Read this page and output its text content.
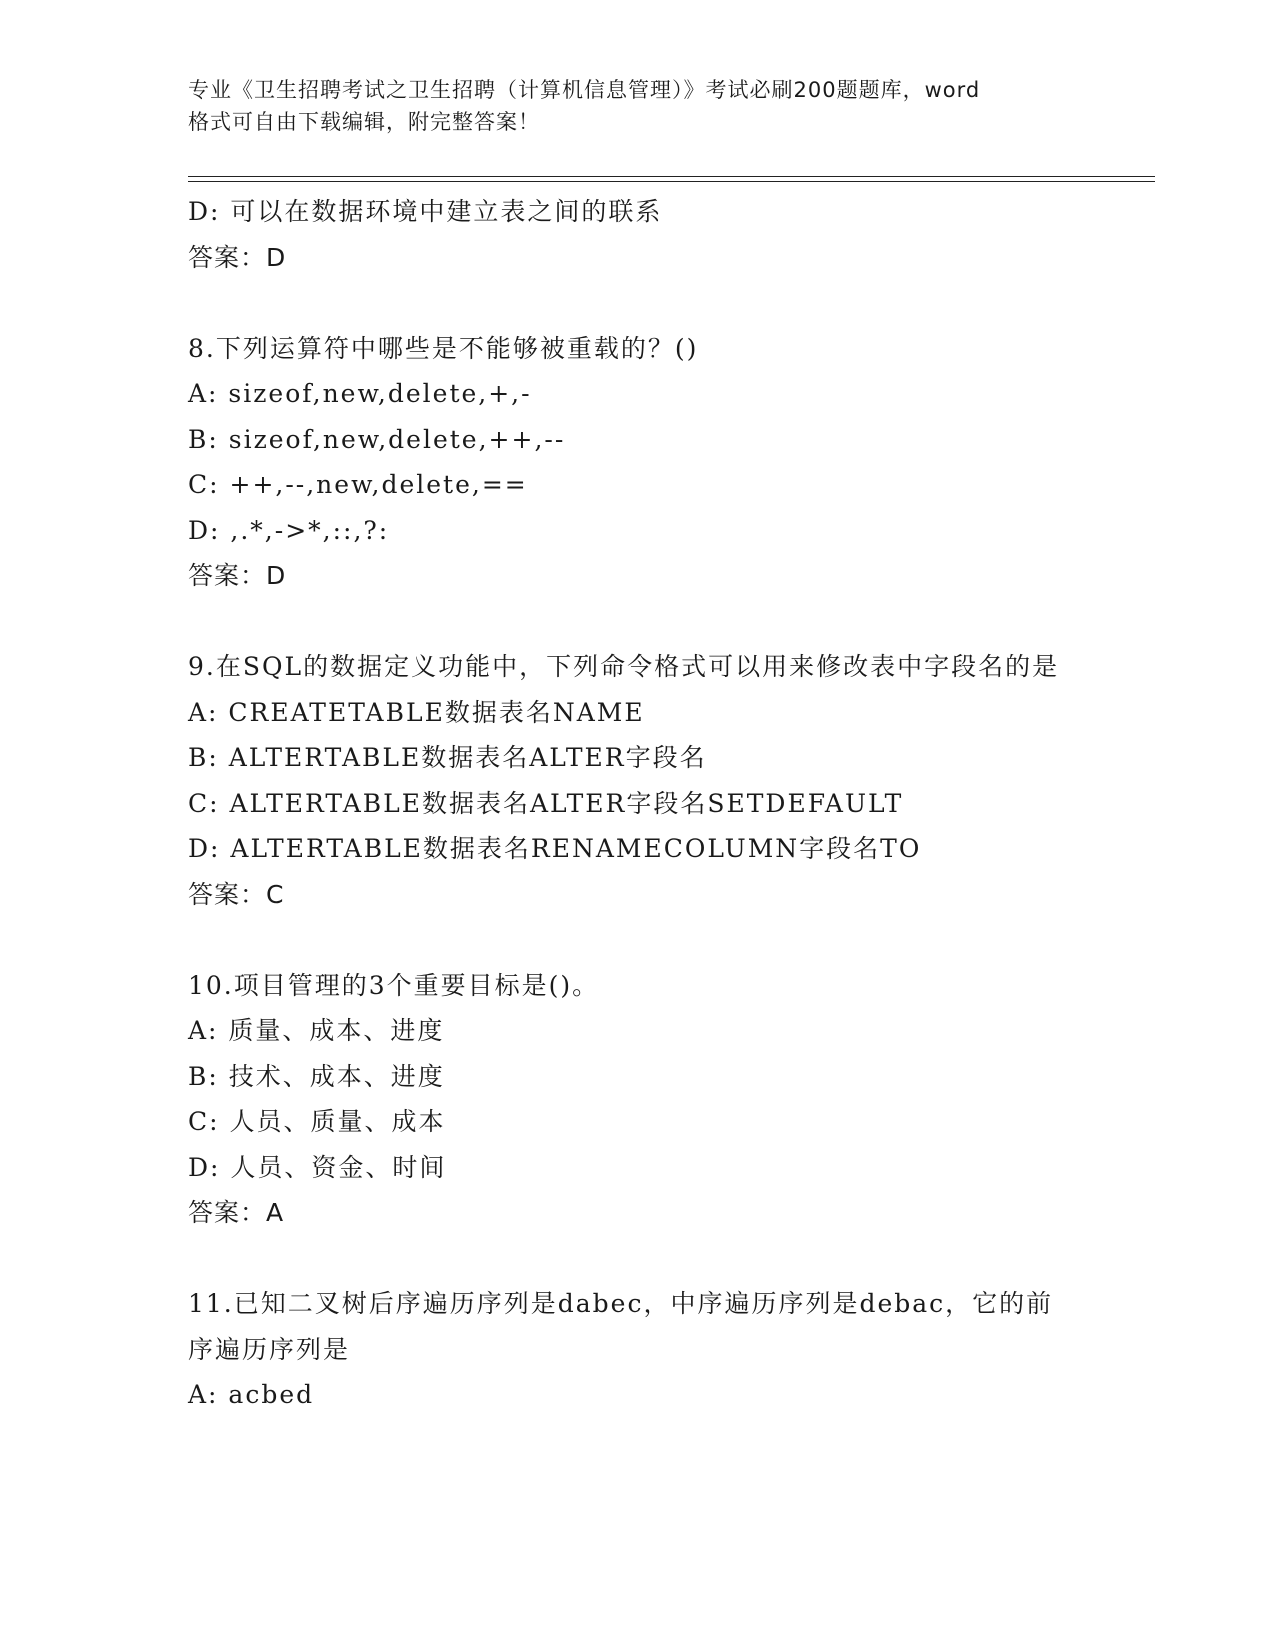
专业《卫生招聘考试之卫生招聘（计算机信息管理）》考试必刷200题题库，word
格式可自由下载编辑，附完整答案！
D: 可以在数据环境中建立表之间的联系
答案：D
8.下列运算符中哪些是不能够被重载的？()
A: sizeof,new,delete,+,-
B: sizeof,new,delete,++,--
C: ++,--,new,delete,==
D: ,.*,->*,::,?:
答案：D
9.在SQL的数据定义功能中，下列命令格式可以用来修改表中字段名的是
A: CREATETABLE数据表名NAME
B: ALTERTABLE数据表名ALTER字段名
C: ALTERTABLE数据表名ALTER字段名SETDEFAULT
D: ALTERTABLE数据表名RENAMECOLUMN字段名TO
答案：C
10.项目管理的3个重要目标是()。
A: 质量、成本、进度
B: 技术、成本、进度
C: 人员、质量、成本
D: 人员、资金、时间
答案：A
11.已知二叉树后序遍历序列是dabec，中序遍历序列是debac，它的前序遍历序列是
A: acbed
